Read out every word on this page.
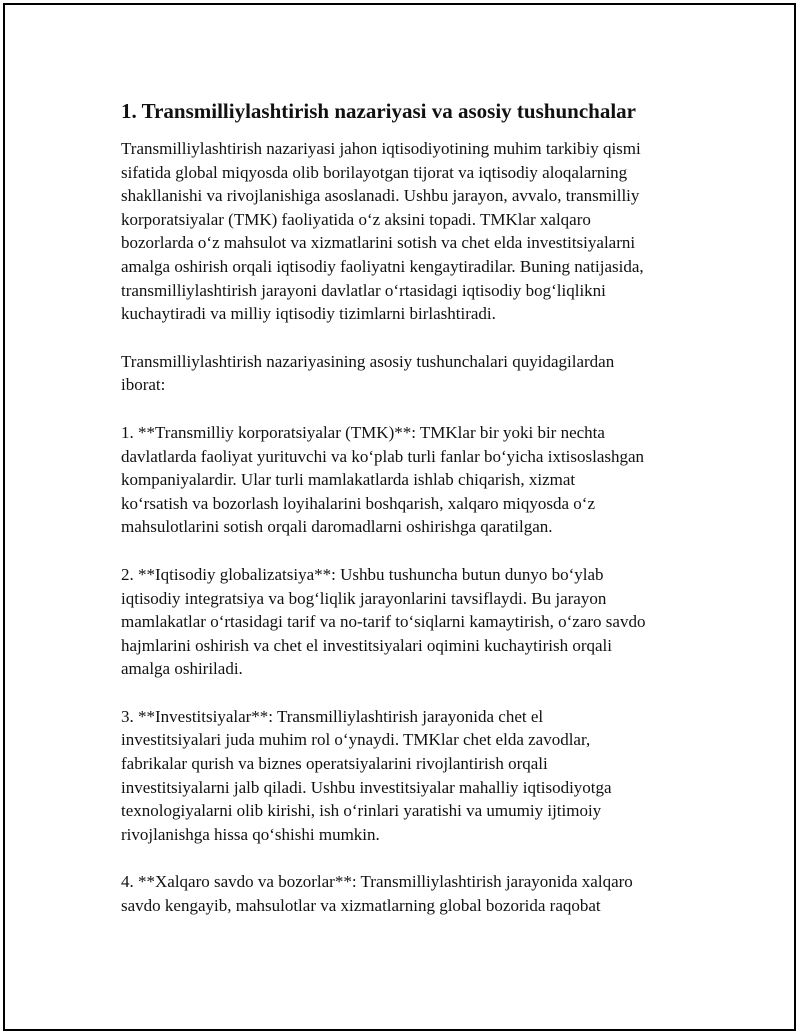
1. Transmilliylashtirish nazariyasi va asosiy tushunchalar

Transmilliylashtirish nazariyasi jahon iqtisodiyotining muhim tarkibiy qismi
sifatida global miqyosda olib borilayotgan tijorat va iqtisodiy aloqalarning
shakllanishi va rivojlanishiga asoslanadi. Ushbu jarayon, avvalo, transmilliy
korporatsiyalar (TMK) faoliyatida o‘z aksini topadi. TMKlar xalqaro
bozorlarda o‘z mahsulot va xizmatlarini sotish va chet elda investitsiyalarni
amalga oshirish orqali iqtisodiy faoliyatni kengaytiradilar. Buning natijasida,
transmilliylashtirish jarayoni davlatlar o‘rtasidagi iqtisodiy bog‘liqlikni
kuchaytiradi va milliy iqtisodiy tizimlarni birlashtiradi.

Transmilliylashtirish nazariyasining asosiy tushunchalari quyidagilardan
iborat:

1. **Transmilliy korporatsiyalar (TMK)**: TMKlar bir yoki bir nechta
davlatlarda faoliyat yurituvchi va ko‘plab turli fanlar bo‘yicha ixtisoslashgan
kompaniyalardir. Ular turli mamlakatlarda ishlab chiqarish, xizmat
ko‘rsatish va bozorlash loyihalarini boshqarish, xalqaro miqyosda o‘z
mahsulotlarini sotish orqali daromadlarni oshirishga qaratilgan.

2. **Iqtisodiy globalizatsiya**: Ushbu tushuncha butun dunyo bo‘ylab
iqtisodiy integratsiya va bog‘liqlik jarayonlarini tavsiflaydi. Bu jarayon
mamlakatlar o‘rtasidagi tarif va no-tarif to‘siqlarni kamaytirish, o‘zaro savdo
hajmlarini oshirish va chet el investitsiyalari oqimini kuchaytirish orqali
amalga oshiriladi.

3. **Investitsiyalar**: Transmilliylashtirish jarayonida chet el
investitsiyalari juda muhim rol o‘ynaydi. TMKlar chet elda zavodlar,
fabrikalar qurish va biznes operatsiyalarini rivojlantirish orqali
investitsiyalarni jalb qiladi. Ushbu investitsiyalar mahalliy iqtisodiyotga
texnologiyalarni olib kirishi, ish o‘rinlari yaratishi va umumiy ijtimoiy
rivojlanishga hissa qo‘shishi mumkin.

4. **Xalqaro savdo va bozorlar**: Transmilliylashtirish jarayonida xalqaro
savdo kengayib, mahsulotlar va xizmatlarning global bozorida raqobat
